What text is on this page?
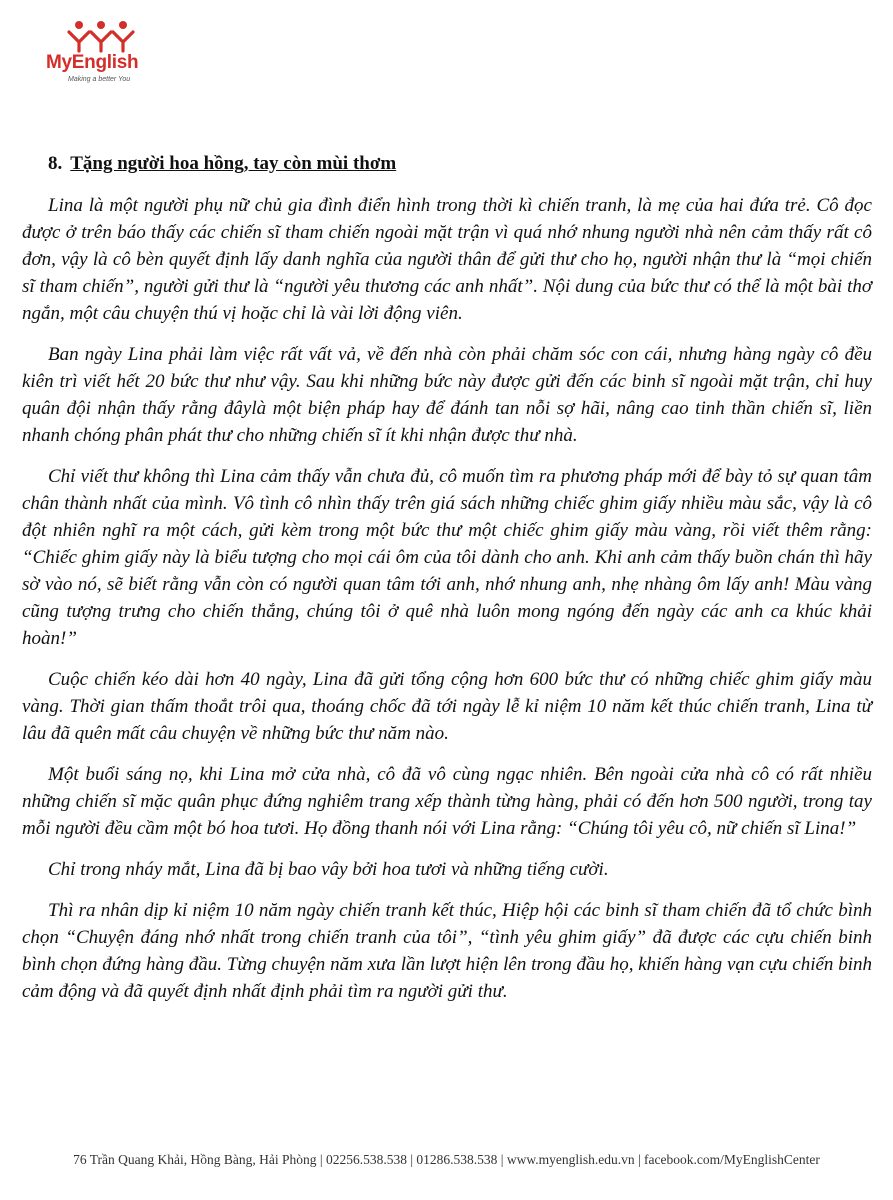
MyEnglish
Making a better You
8. Tặng người hoa hồng, tay còn mùi thơm

Lina là một người phụ nữ chủ gia đình điển hình trong thời kì chiến tranh, là mẹ của hai đứa trẻ. Cô đọc được ở trên báo thấy các chiến sĩ tham chiến ngoài mặt trận vì quá nhớ nhung người nhà nên cảm thấy rất cô đơn, vậy là cô bèn quyết định lấy danh nghĩa của người thân để gửi thư cho họ, người nhận thư là “mọi chiến sĩ tham chiến”, người gửi thư là “người yêu thương các anh nhất”. Nội dung của bức thư có thể là một bài thơ ngắn, một câu chuyện thú vị hoặc chỉ là vài lời động viên.

Ban ngày Lina phải làm việc rất vất vả, về đến nhà còn phải chăm sóc con cái, nhưng hàng ngày cô đều kiên trì viết hết 20 bức thư như vậy. Sau khi những bức này được gửi đến các binh sĩ ngoài mặt trận, chỉ huy quân đội nhận thấy rằng đâylà một biện pháp hay để đánh tan nỗi sợ hãi, nâng cao tinh thần chiến sĩ, liền nhanh chóng phân phát thư cho những chiến sĩ ít khi nhận được thư nhà.

Chỉ viết thư không thì Lina cảm thấy vẫn chưa đủ, cô muốn tìm ra phương pháp mới để bày tỏ sự quan tâm chân thành nhất của mình. Vô tình cô nhìn thấy trên giá sách những chiếc ghim giấy nhiều màu sắc, vậy là cô đột nhiên nghĩ ra một cách, gửi kèm trong một bức thư một chiếc ghim giấy màu vàng, rồi viết thêm rằng: “Chiếc ghim giấy này là biểu tượng cho mọi cái ôm của tôi dành cho anh. Khi anh cảm thấy buồn chán thì hãy sờ vào nó, sẽ biết rằng vẫn còn có người quan tâm tới anh, nhớ nhung anh, nhẹ nhàng ôm lấy anh! Màu vàng cũng tượng trưng cho chiến thắng, chúng tôi ở quê nhà luôn mong ngóng đến ngày các anh ca khúc khải hoàn!”

Cuộc chiến kéo dài hơn 40 ngày, Lina đã gửi tổng cộng hơn 600 bức thư có những chiếc ghim giấy màu vàng. Thời gian thấm thoắt trôi qua, thoáng chốc đã tới ngày lễ kỉ niệm 10 năm kết thúc chiến tranh, Lina từ lâu đã quên mất câu chuyện về những bức thư năm nào.

Một buổi sáng nọ, khi Lina mở cửa nhà, cô đã vô cùng ngạc nhiên. Bên ngoài cửa nhà cô có rất nhiều những chiến sĩ mặc quân phục đứng nghiêm trang xếp thành từng hàng, phải có đến hơn 500 người, trong tay mỗi người đều cầm một bó hoa tươi. Họ đồng thanh nói với Lina rằng: “Chúng tôi yêu cô, nữ chiến sĩ Lina!”

Chỉ trong nháy mắt, Lina đã bị bao vây bởi hoa tươi và những tiếng cười.

Thì ra nhân dịp kỉ niệm 10 năm ngày chiến tranh kết thúc, Hiệp hội các binh sĩ tham chiến đã tổ chức bình chọn “Chuyện đáng nhớ nhất trong chiến tranh của tôi”, “tình yêu ghim giấy” đã được các cựu chiến binh bình chọn đứng hàng đầu. Từng chuyện năm xưa lần lượt hiện lên trong đầu họ, khiến hàng vạn cựu chiến binh cảm động và đã quyết định nhất định phải tìm ra người gửi thư.

76 Trần Quang Khải, Hồng Bàng, Hải Phòng | 02256.538.538 | 01286.538.538 | www.myenglish.edu.vn | facebook.com/MyEnglishCenter
